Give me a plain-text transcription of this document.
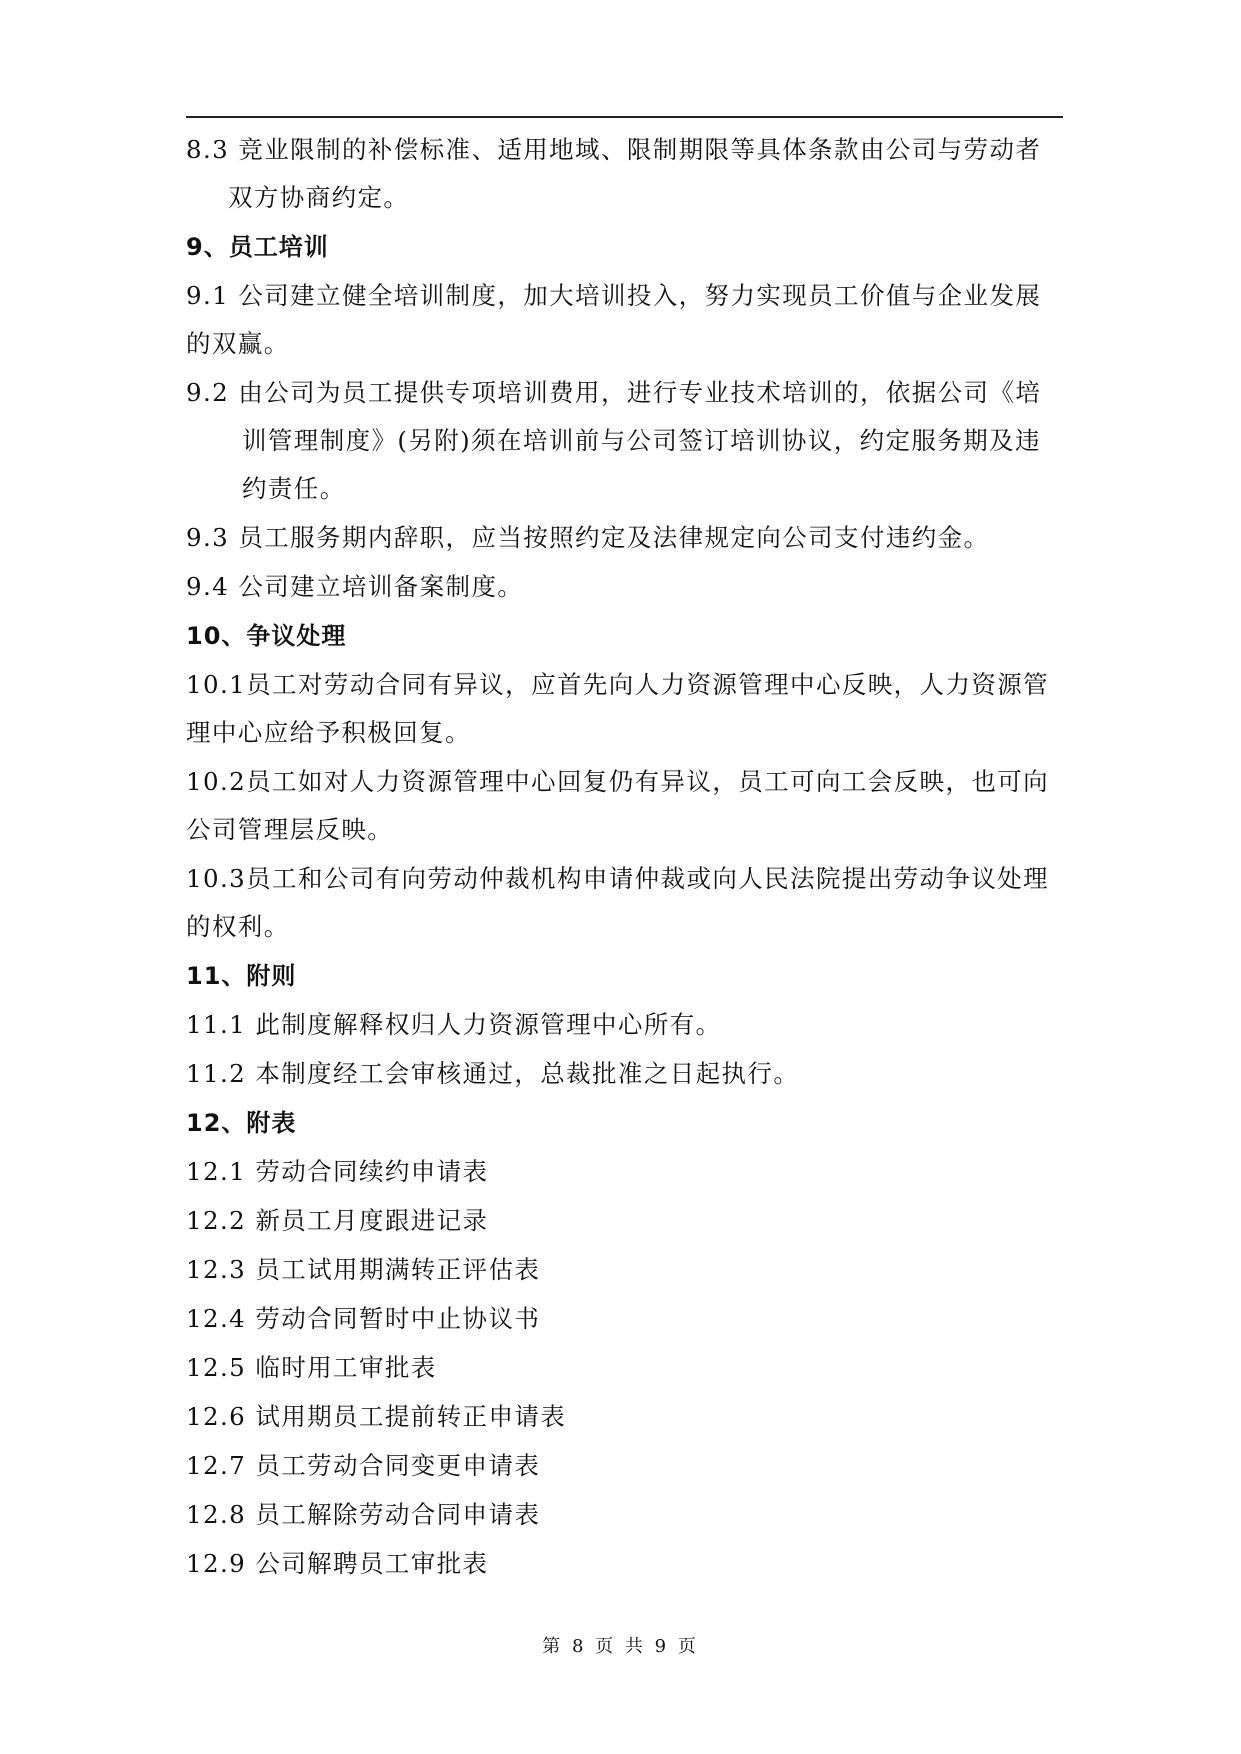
8.3 竞业限制的补偿标准、适用地域、限制期限等具体条款由公司与劳动者
双方协商约定。

9、员工培训

9.1 公司建立健全培训制度，加大培训投入，努力实现员工价值与企业发展
的双赢。

9.2 由公司为员工提供专项培训费用，进行专业技术培训的，依据公司《培
训管理制度》(另附)须在培训前与公司签订培训协议，约定服务期及违
约责任。

9.3 员工服务期内辞职，应当按照约定及法律规定向公司支付违约金。

9.4 公司建立培训备案制度。

10、争议处理

10.1员工对劳动合同有异议，应首先向人力资源管理中心反映，人力资源管
理中心应给予积极回复。

10.2员工如对人力资源管理中心回复仍有异议，员工可向工会反映，也可向
公司管理层反映。

10.3员工和公司有向劳动仲裁机构申请仲裁或向人民法院提出劳动争议处理
的权利。

11、附则

11.1 此制度解释权归人力资源管理中心所有。

11.2 本制度经工会审核通过，总裁批准之日起执行。

12、附表
12.1 劳动合同续约申请表
12.2 新员工月度跟进记录
12.3 员工试用期满转正评估表
12.4 劳动合同暂时中止协议书
12.5 临时用工审批表
12.6 试用期员工提前转正申请表
12.7 员工劳动合同变更申请表
12.8 员工解除劳动合同申请表
12.9 公司解聘员工审批表
第 8 页 共 9 页
